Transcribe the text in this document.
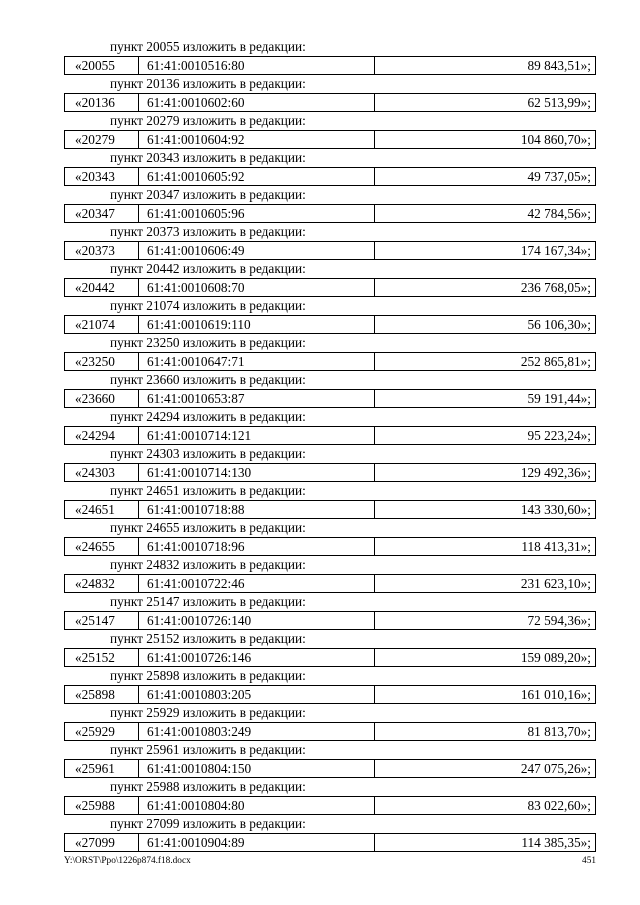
пункт 20055 изложить в редакции:
«20055	61:41:0010516:80	89 843,51»;
пункт 20136 изложить в редакции:
«20136	61:41:0010602:60	62 513,99»;
пункт 20279 изложить в редакции:
«20279	61:41:0010604:92	104 860,70»;
пункт 20343 изложить в редакции:
«20343	61:41:0010605:92	49 737,05»;
пункт 20347 изложить в редакции:
«20347	61:41:0010605:96	42 784,56»;
пункт 20373 изложить в редакции:
«20373	61:41:0010606:49	174 167,34»;
пункт 20442 изложить в редакции:
«20442	61:41:0010608:70	236 768,05»;
пункт 21074 изложить в редакции:
«21074	61:41:0010619:110	56 106,30»;
пункт 23250 изложить в редакции:
«23250	61:41:0010647:71	252 865,81»;
пункт 23660 изложить в редакции:
«23660	61:41:0010653:87	59 191,44»;
пункт 24294 изложить в редакции:
«24294	61:41:0010714:121	95 223,24»;
пункт 24303 изложить в редакции:
«24303	61:41:0010714:130	129 492,36»;
пункт 24651 изложить в редакции:
«24651	61:41:0010718:88	143 330,60»;
пункт 24655 изложить в редакции:
«24655	61:41:0010718:96	118 413,31»;
пункт 24832 изложить в редакции:
«24832	61:41:0010722:46	231 623,10»;
пункт 25147 изложить в редакции:
«25147	61:41:0010726:140	72 594,36»;
пункт 25152 изложить в редакции:
«25152	61:41:0010726:146	159 089,20»;
пункт 25898 изложить в редакции:
«25898	61:41:0010803:205	161 010,16»;
пункт 25929 изложить в редакции:
«25929	61:41:0010803:249	81 813,70»;
пункт 25961 изложить в редакции:
«25961	61:41:0010804:150	247 075,26»;
пункт 25988 изложить в редакции:
«25988	61:41:0010804:80	83 022,60»;
пункт 27099 изложить в редакции:
«27099	61:41:0010904:89	114 385,35»;
Y:\ORST\Ppo\1226p874.f18.docx	451
